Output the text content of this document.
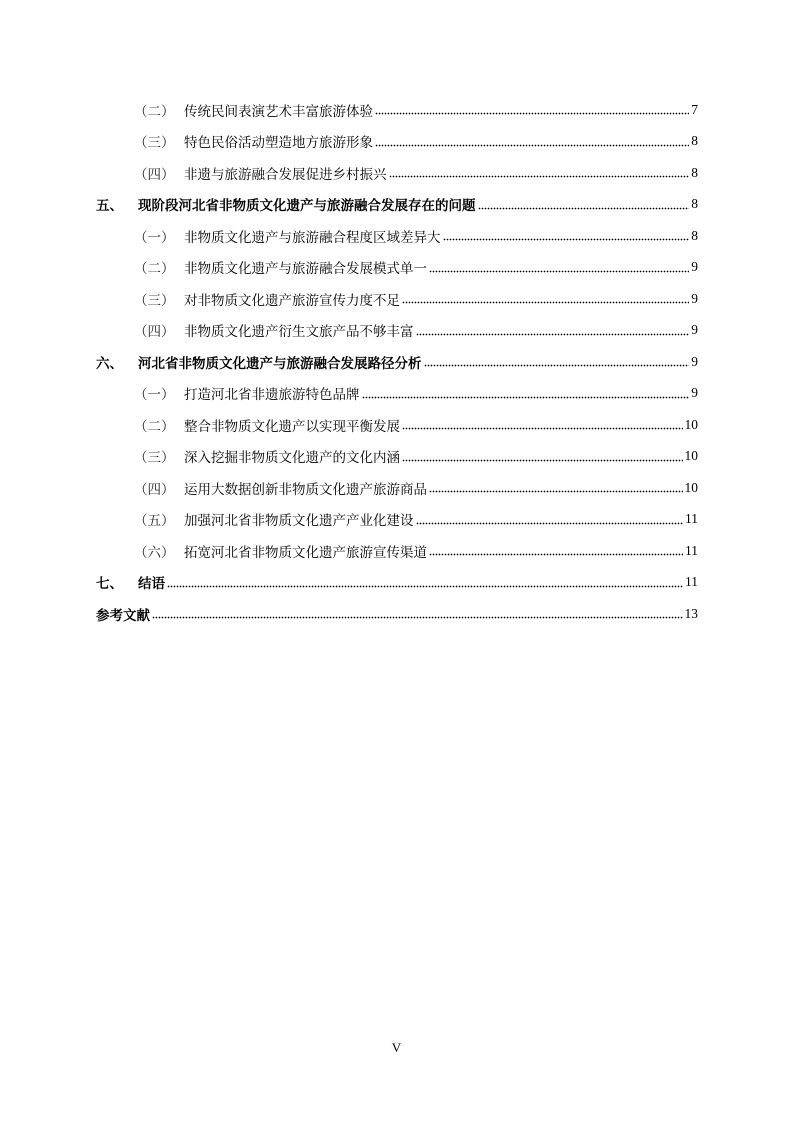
（二） 传统民间表演艺术丰富旅游体验	7
（三） 特色民俗活动塑造地方旅游形象	8
（四） 非遗与旅游融合发展促进乡村振兴	8
五、	现阶段河北省非物质文化遗产与旅游融合发展存在的问题	8
（一） 非物质文化遗产与旅游融合程度区域差异大	8
（二） 非物质文化遗产与旅游融合发展模式单一	9
（三） 对非物质文化遗产旅游宣传力度不足	9
（四） 非物质文化遗产衍生文旅产品不够丰富	9
六、	河北省非物质文化遗产与旅游融合发展路径分析	9
（一） 打造河北省非遗旅游特色品牌	9
（二） 整合非物质文化遗产以实现平衡发展	10
（三） 深入挖掘非物质文化遗产的文化内涵	10
（四） 运用大数据创新非物质文化遗产旅游商品	10
（五） 加强河北省非物质文化遗产产业化建设	11
（六） 拓宽河北省非物质文化遗产旅游宣传渠道	11
七、	结语	11
参考文献	13
V
